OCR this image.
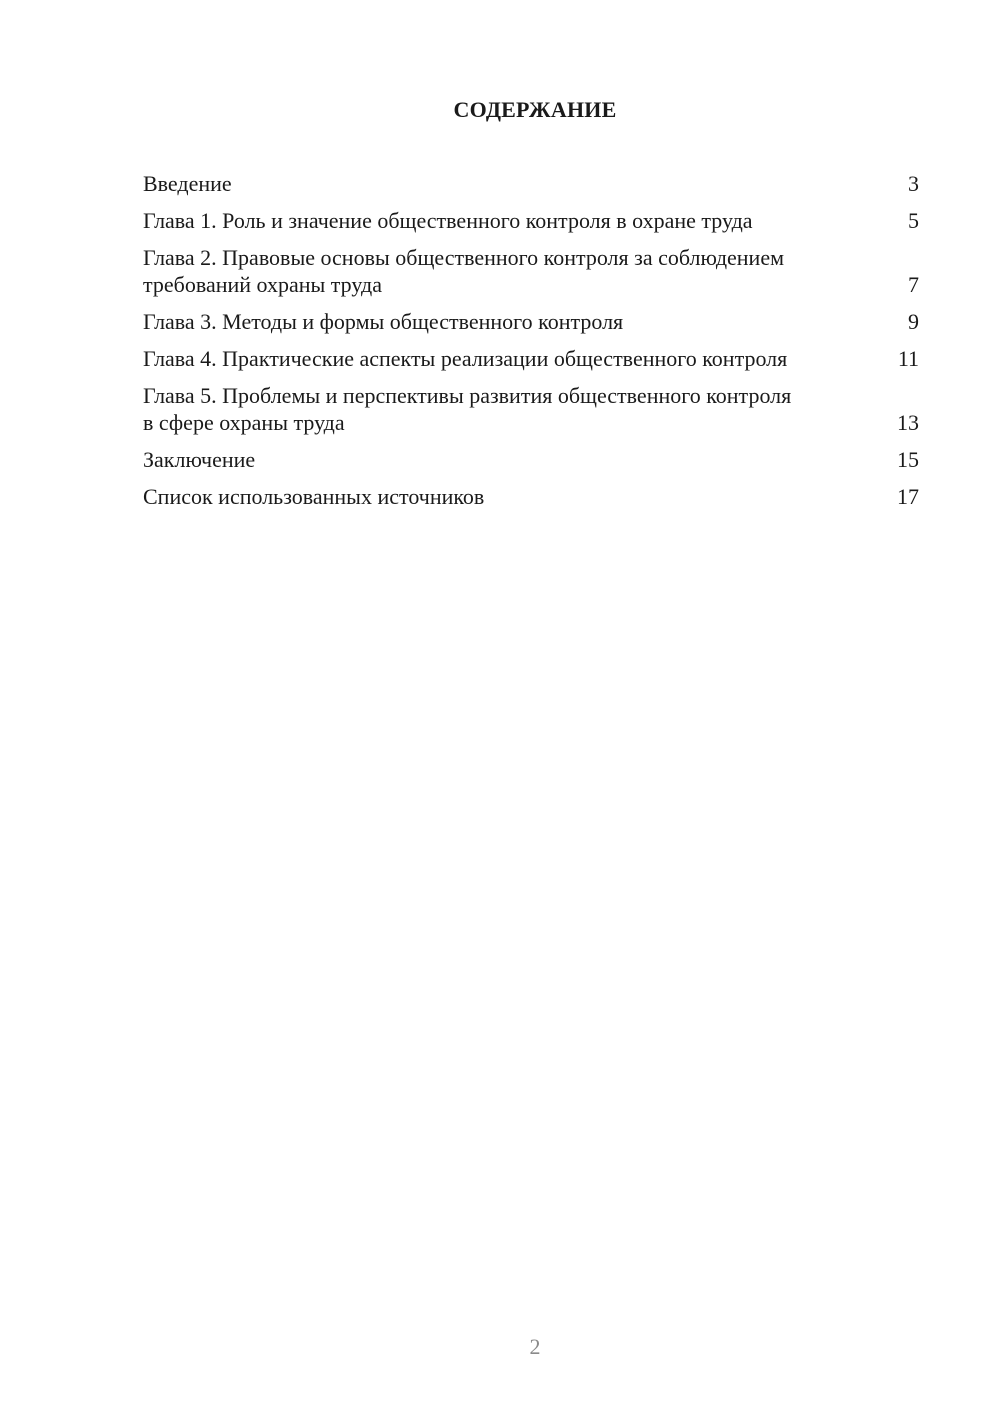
СОДЕРЖАНИЕ
Введение	3
Глава 1. Роль и значение общественного контроля в охране труда	5
Глава 2. Правовые основы общественного контроля за соблюдением требований охраны труда	7
Глава 3. Методы и формы общественного контроля	9
Глава 4. Практические аспекты реализации общественного контроля	11
Глава 5. Проблемы и перспективы развития общественного контроля в сфере охраны труда	13
Заключение	15
Список использованных источников	17
2
